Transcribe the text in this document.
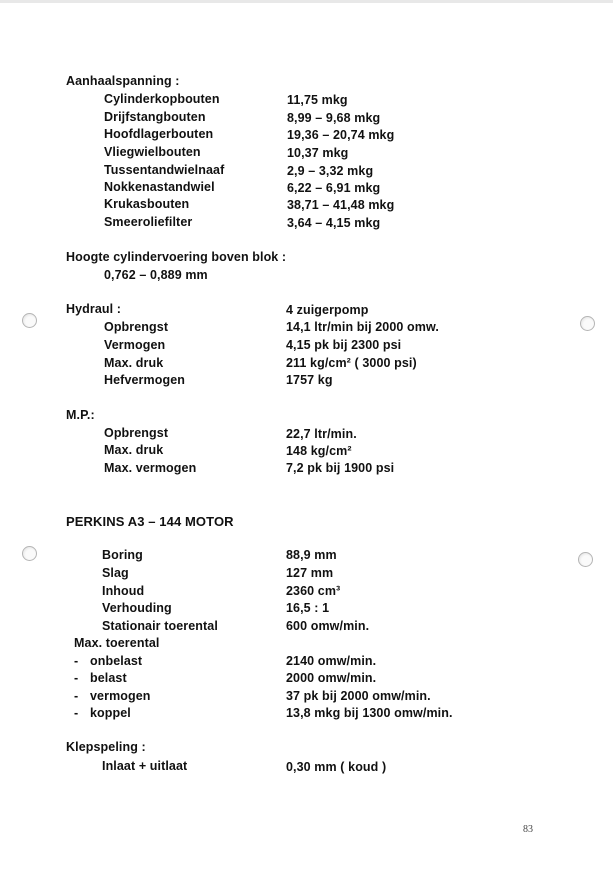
Aanhaalspanning :
Cylinderkopbouten	11,75 mkg
Drijfstangbouten	8,99 – 9,68 mkg
Hoofdlagerbouten	19,36 – 20,74 mkg
Vliegwielbouten	10,37 mkg
Tussentandwielnaaf	2,9 – 3,32 mkg
Nokkenastandwiel	6,22 – 6,91 mkg
Krukasbouten	38,71 – 41,48 mkg
Smeeroliefilter	3,64 – 4,15 mkg
Hoogte cylindervoering boven blok :
0,762 – 0,889 mm
Hydraul :	4 zuigerpomp
Opbrengst	14,1 ltr/min bij 2000 omw.
Vermogen	4,15 pk bij 2300 psi
Max. druk	211 kg/cm² ( 3000 psi)
Hefvermogen	1757 kg
M.P.:
Opbrengst	22,7 ltr/min.
Max. druk	148 kg/cm²
Max. vermogen	7,2 pk bij 1900 psi
PERKINS A3 – 144 MOTOR
Boring	88,9 mm
Slag	127 mm
Inhoud	2360 cm³
Verhouding	16,5 : 1
Stationair toerental	600 omw/min.
Max. toerental
- onbelast	2140 omw/min.
- belast	2000 omw/min.
- vermogen	37 pk bij 2000 omw/min.
- koppel	13,8 mkg bij 1300 omw/min.
Klepspeling :
Inlaat + uitlaat	0,30 mm ( koud )
83
